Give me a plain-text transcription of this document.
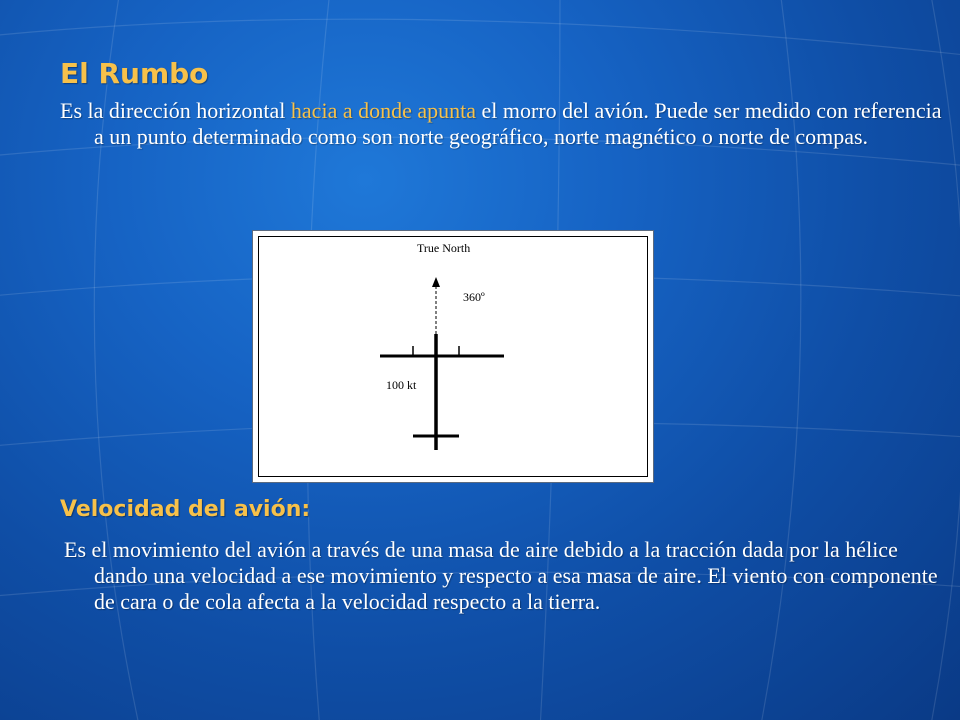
El Rumbo

Es la dirección horizontal hacia a donde apunta el morro del avión. Puede ser medido con referencia a un punto determinado como son norte geográfico, norte magnético o norte de compas.

True North
360º
100 kt
Velocidad del avión:

Es el movimiento del avión a través de una masa de aire debido a la tracción dada por la hélice dando una velocidad a ese movimiento y respecto a esa masa de aire. El viento con componente de cara o de cola afecta a la velocidad respecto a la tierra.
